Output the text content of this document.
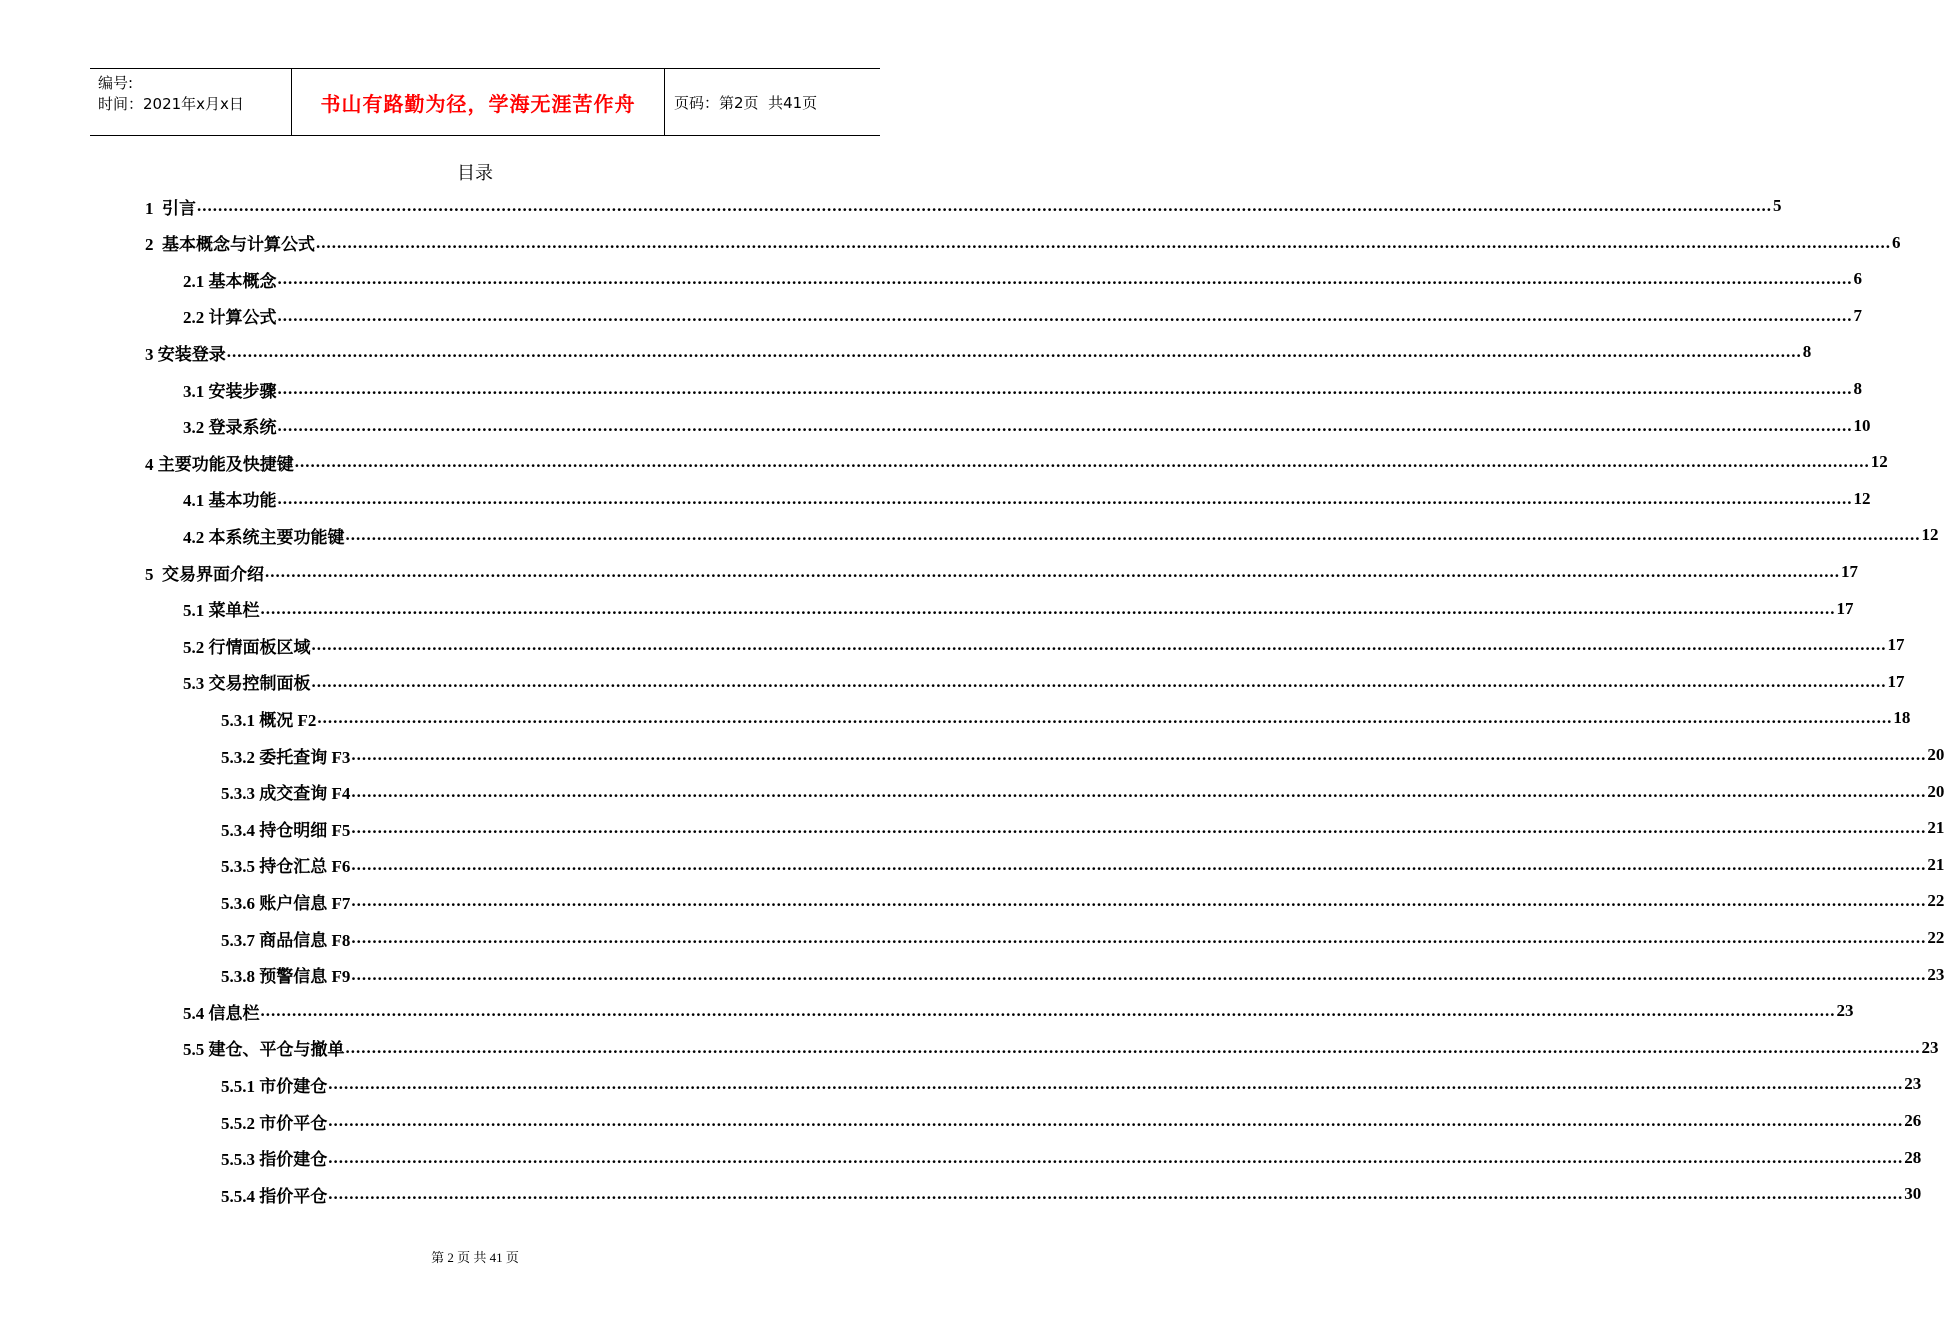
编号:
时间：2021年x月x日	书山有路勤为径，学海无涯苦作舟	页码：第2页  共41页
目录
1  引言 ............................................................................................................................................................................................................................................................................................................ 5
2  基本概念与计算公式 ............................................................................................................................................................................................................................................................................................................ 6
2.1 基本概念 ............................................................................................................................................................................................................................................................................................................ 6
2.2 计算公式 ............................................................................................................................................................................................................................................................................................................ 7
3 安装登录 ............................................................................................................................................................................................................................................................................................................ 8
3.1 安装步骤 ............................................................................................................................................................................................................................................................................................................ 8
3.2 登录系统 ............................................................................................................................................................................................................................................................................................................ 10
4 主要功能及快捷键 ............................................................................................................................................................................................................................................................................................................ 12
4.1 基本功能 ............................................................................................................................................................................................................................................................................................................ 12
4.2 本系统主要功能键 ............................................................................................................................................................................................................................................................................................................ 12
5  交易界面介绍 ............................................................................................................................................................................................................................................................................................................ 17
5.1 菜单栏 ............................................................................................................................................................................................................................................................................................................ 17
5.2 行情面板区域 ............................................................................................................................................................................................................................................................................................................ 17
5.3 交易控制面板 ............................................................................................................................................................................................................................................................................................................ 17
5.3.1 概况 F2 ............................................................................................................................................................................................................................................................................................................ 18
5.3.2 委托查询 F3 ............................................................................................................................................................................................................................................................................................................ 20
5.3.3 成交查询 F4 ............................................................................................................................................................................................................................................................................................................ 20
5.3.4 持仓明细 F5 ............................................................................................................................................................................................................................................................................................................ 21
5.3.5 持仓汇总 F6 ............................................................................................................................................................................................................................................................................................................ 21
5.3.6 账户信息 F7 ............................................................................................................................................................................................................................................................................................................ 22
5.3.7 商品信息 F8 ............................................................................................................................................................................................................................................................................................................ 22
5.3.8 预警信息 F9 ............................................................................................................................................................................................................................................................................................................ 23
5.4 信息栏 ............................................................................................................................................................................................................................................................................................................ 23
5.5 建仓、平仓与撤单 ............................................................................................................................................................................................................................................................................................................ 23
5.5.1 市价建仓 ............................................................................................................................................................................................................................................................................................................ 23
5.5.2 市价平仓 ............................................................................................................................................................................................................................................................................................................ 26
5.5.3 指价建仓 ............................................................................................................................................................................................................................................................................................................ 28
5.5.4 指价平仓 ............................................................................................................................................................................................................................................................................................................ 30
第 2 页 共 41 页
